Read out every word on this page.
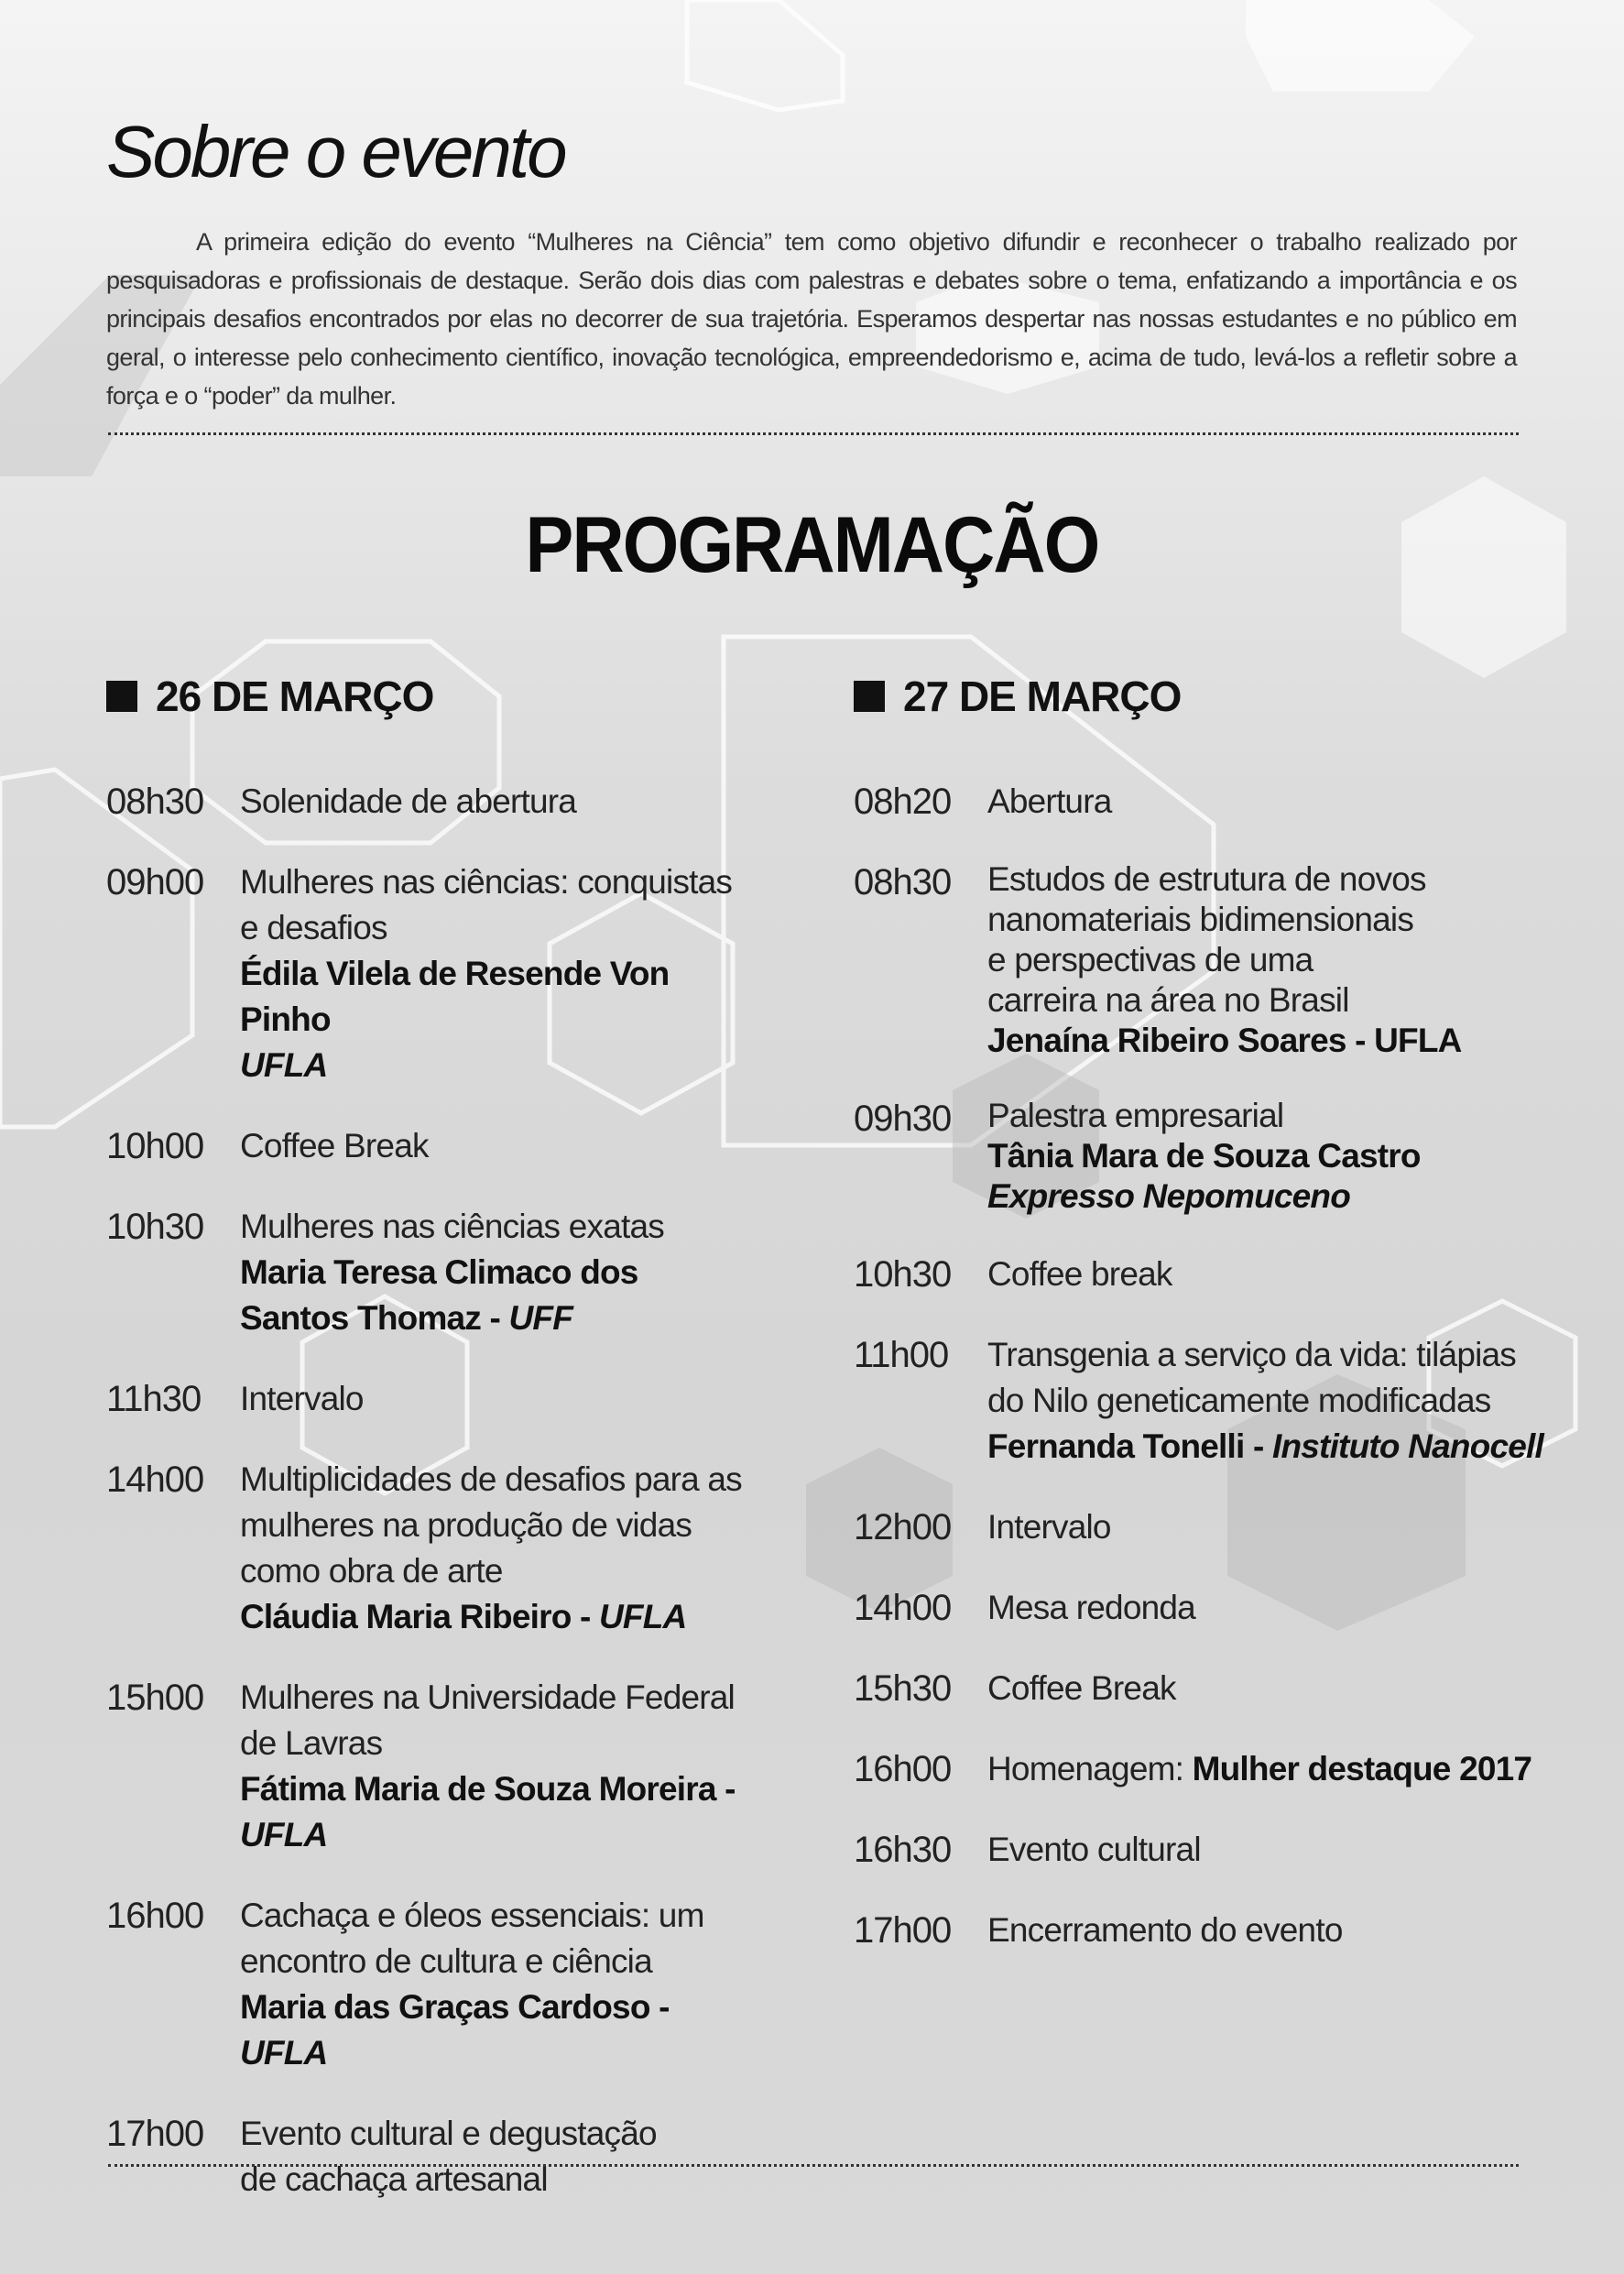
Sobre o evento

A primeira edição do evento “Mulheres na Ciência” tem como objetivo difundir e reconhecer o trabalho realizado por pesquisadoras e profissionais de destaque. Serão dois dias com palestras e debates sobre o tema, enfatizando a importância e os principais desafios encontrados por elas no decorrer de sua trajetória. Esperamos despertar nas nossas estudantes e no público em geral, o interesse pelo conhecimento científico, inovação tecnológica, empreendedorismo e, acima de tudo, levá-los a refletir sobre a força e o “poder” da mulher.

PROGRAMAÇÃO
26 DE MARÇO
08h30	Solenidade de abertura
09h00	Mulheres nas ciências: conquistas e desafios
Édila Vilela de Resende Von Pinho
UFLA
10h00	Coffee Break
10h30	Mulheres nas ciências exatas
Maria Teresa Climaco dos Santos Thomaz - UFF
11h30	Intervalo
14h00	Multiplicidades de desafios para as mulheres na produção de vidas como obra de arte
Cláudia Maria Ribeiro - UFLA
15h00	Mulheres na Universidade Federal de Lavras
Fátima Maria de Souza Moreira - UFLA
16h00	Cachaça e óleos essenciais: um encontro de cultura e ciência
Maria das Graças Cardoso - UFLA
17h00	Evento cultural e degustação de cachaça artesanal
27 DE MARÇO
08h20	Abertura
08h30	Estudos de estrutura de novos nanomateriais bidimensionais e perspectivas de uma carreira na área no Brasil
Jenaína Ribeiro Soares - UFLA
09h30	Palestra empresarial
Tânia Mara de Souza Castro
Expresso Nepomuceno
10h30	Coffee break
11h00	Transgenia a serviço da vida: tilápias do Nilo geneticamente modificadas
Fernanda Tonelli - Instituto Nanocell
12h00	Intervalo
14h00	Mesa redonda
15h30	Coffee Break
16h00	Homenagem: Mulher destaque 2017
16h30	Evento cultural
17h00	Encerramento do evento
